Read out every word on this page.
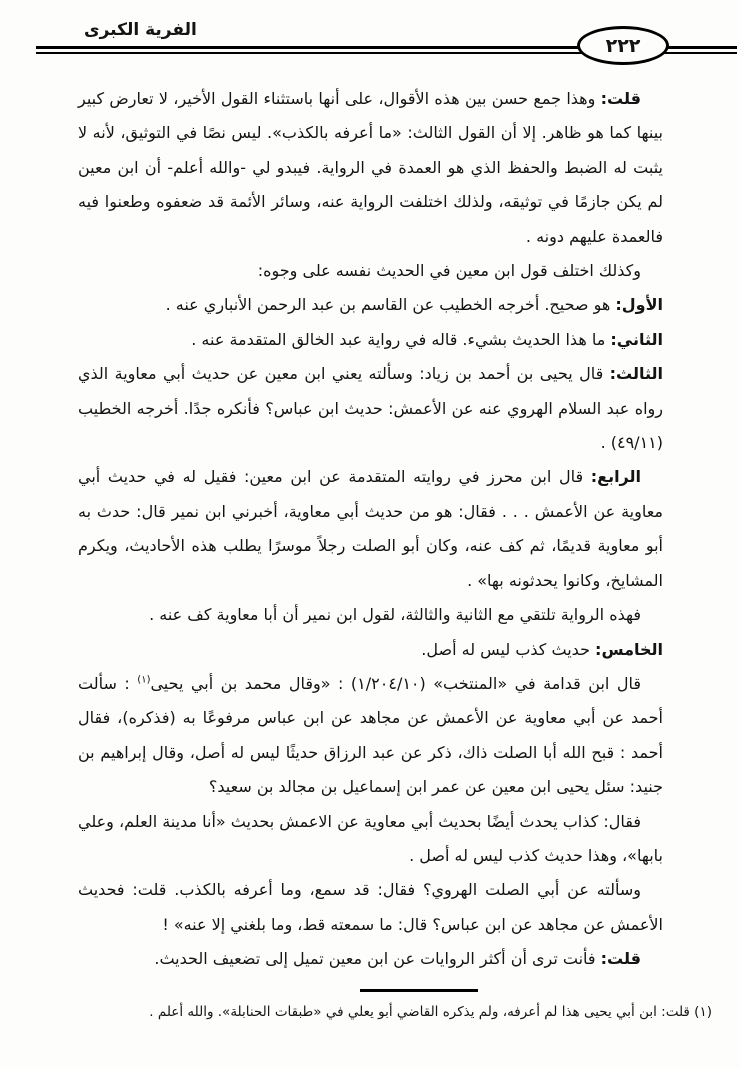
الفرية الكبرى
٢٢٢

قلت: وهذا جمع حسن بين هذه الأقوال، على أنها باستثناء القول الأخير، لا تعارض كبير بينها كما هو ظاهر. إلا أن القول الثالث: «ما أعرفه بالكذب». ليس نصًا في التوثيق، لأنه لا يثبت له الضبط والحفظ الذي هو العمدة في الرواية. فيبدو لي -والله أعلم- أن ابن معين لم يكن جازمًا في توثيقه، ولذلك اختلفت الرواية عنه، وسائر الأئمة قد ضعفوه وطعنوا فيه فالعمدة عليهم دونه .

وكذلك اختلف قول ابن معين في الحديث نفسه على وجوه:

الأول: هو صحيح. أخرجه الخطيب عن القاسم بن عبد الرحمن الأنباري عنه .

الثاني: ما هذا الحديث بشيء. قاله في رواية عبد الخالق المتقدمة عنه .

الثالث: قال يحيى بن أحمد بن زياد: وسألته يعني ابن معين عن حديث أبي معاوية الذي رواه عبد السلام الهروي عنه عن الأعمش: حديث ابن عباس؟ فأنكره جدًا. أخرجه الخطيب (٤٩/١١) .

الرابع: قال ابن محرز في روايته المتقدمة عن ابن معين: فقيل له في حديث أبي معاوية عن الأعمش . . . فقال: هو من حديث أبي معاوية، أخبرني ابن نمير قال: حدث به أبو معاوية قديمًا، ثم كف عنه، وكان أبو الصلت رجلاً موسرًا يطلب هذه الأحاديث، ويكرم المشايخ، وكانوا يحدثونه بها» .

فهذه الرواية تلتقي مع الثانية والثالثة، لقول ابن نمير أن أبا معاوية كف عنه .

الخامس: حديث كذب ليس له أصل.

قال ابن قدامة في «المنتخب» (١/٢٠٤/١٠) : «وقال محمد بن أبي يحيى$^{(١)}$ : سألت أحمد عن أبي معاوية عن الأعمش عن مجاهد عن ابن عباس مرفوعًا به (فذكره)، فقال أحمد : قبح الله أبا الصلت ذاك، ذكر عن عبد الرزاق حديثًا ليس له أصل، وقال إبراهيم بن جنيد: سئل يحيى ابن معين عن عمر ابن إسماعيل بن مجالد بن سعيد؟

فقال: كذاب يحدث أيضًا بحديث أبي معاوية عن الاعمش بحديث «أنا مدينة العلم، وعلي بابها»، وهذا حديث كذب ليس له أصل .

وسألته عن أبي الصلت الهروي؟ فقال: قد سمع، وما أعرفه بالكذب. قلت: فحديث الأعمش عن مجاهد عن ابن عباس؟ قال: ما سمعته قط، وما بلغني إلا عنه» !

قلت: فأنت ترى أن أكثر الروايات عن ابن معين تميل إلى تضعيف الحديث.

(١) قلت: ابن أبي يحيى هذا لم أعرفه، ولم يذكره القاضي أبو يعلي في «طبقات الحنابلة». والله أعلم .
